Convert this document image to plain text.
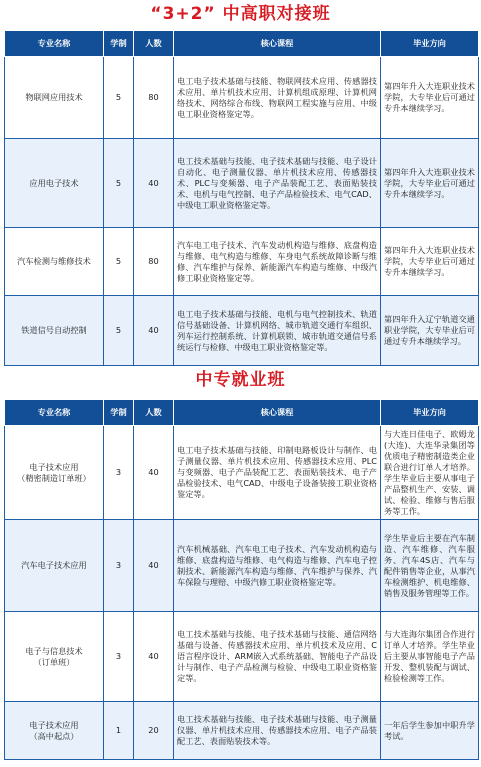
“3+2” 中高职对接班
专业名称	学制	人数	核心课程	毕业方向
物联网应用技术	5	80	电工电子技术基础与技能、物联网技术应用、传感器技术应用、单片机技术应用、计算机组成原理、计算机网络技术、网络综合布线、物联网工程实施与应用、中级电工职业资格鉴定等。	第四年升入大连职业技术学院，大专毕业后可通过专升本继续学习。
应用电子技术	5	40	电工技术基础与技能、电子技术基础与技能、电子设计自动化、电子测量仪器、单片机技术应用、传感器技术、PLC与变频器、电子产品装配工艺、表面贴装技术、电机与电气控制、电子产品检验技术、电气CAD、中级电工职业资格鉴定等。	第四年升入大连职业技术学院，大专毕业后可通过专升本继续学习。
汽车检测与维修技术	5	80	汽车电工电子技术、汽车发动机构造与维修、底盘构造与维修、电气构造与维修、车身电气系统故障诊断与维修、汽车维护与保养、新能源汽车构造与维修、中级汽修工职业资格鉴定等。	第四年升入大连职业技术学院，大专毕业后可通过专升本继续学习。
铁道信号自动控制	5	40	电工电子技术基础与技能、电机与电气控制技术、轨道信号基础设备、计算机网络、城市轨道交通行车组织、列车运行控制系统、计算机联锁、城市轨道交通信号系统运行与检修、中级电工职业资格鉴定等。	第四年升入辽宁轨道交通职业学院，大专毕业后可通过专升本继续学习。
中专就业班
专业名称	学制	人数	核心课程	毕业方向
电子技术应用
（精密制造订单班）	3	40	电工电子技术基础与技能、印制电路板设计与制作、电子测量仪器、单片机技术应用、传感器技术应用、PLC与变频器、电子产品装配工艺、表面贴装技术、电子产品检验技术、电气CAD、中级电子设备装接工职业资格鉴定等。	与大连日佳电子、欧姆龙(大连)、大连华录集团等优质电子精密制造类企业联合进行订单人才培养。学生毕业后主要从事电子产品整机生产、安装、调试、检验、维修与售后服务等工作。
汽车电子技术应用	3	40	汽车机械基础、汽车电工电子技术、汽车发动机构造与维修、底盘构造与维修、电气构造与维修、汽车电子控制技术、新能源汽车构造与维修、汽车维护与保养、汽车保险与理赔、中级汽修工职业资格鉴定等。	学生毕业后主要在汽车制造、汽车维修、汽车服务、汽车4S店、汽车与配件销售等企业，从事汽车检测维护、机电维修、销售及服务管理等工作。
电子与信息技术
（订单班）	3	40	电工技术基础与技能、电子技术基础与技能、通信网络基础与设备、传感器技术应用、单片机技术及应用、C语言程序设计、ARM嵌入式系统基础、智能电子产品设计与制作、电子产品检测与检验、中级电工职业资格鉴定等。	与大连海尔集团合作进行订单人才培养。学生毕业后主要从事智能电子产品开发、整机装配与调试、检验检测等工作。
电子技术应用
（高中起点）	1	20	电工技术基础与技能、电子技术基础与技能、电子测量仪器、单片机技术应用、传感器技术应用、电子产品装配工艺、表面贴装技术等。	一年后学生参加中职升学考试。
